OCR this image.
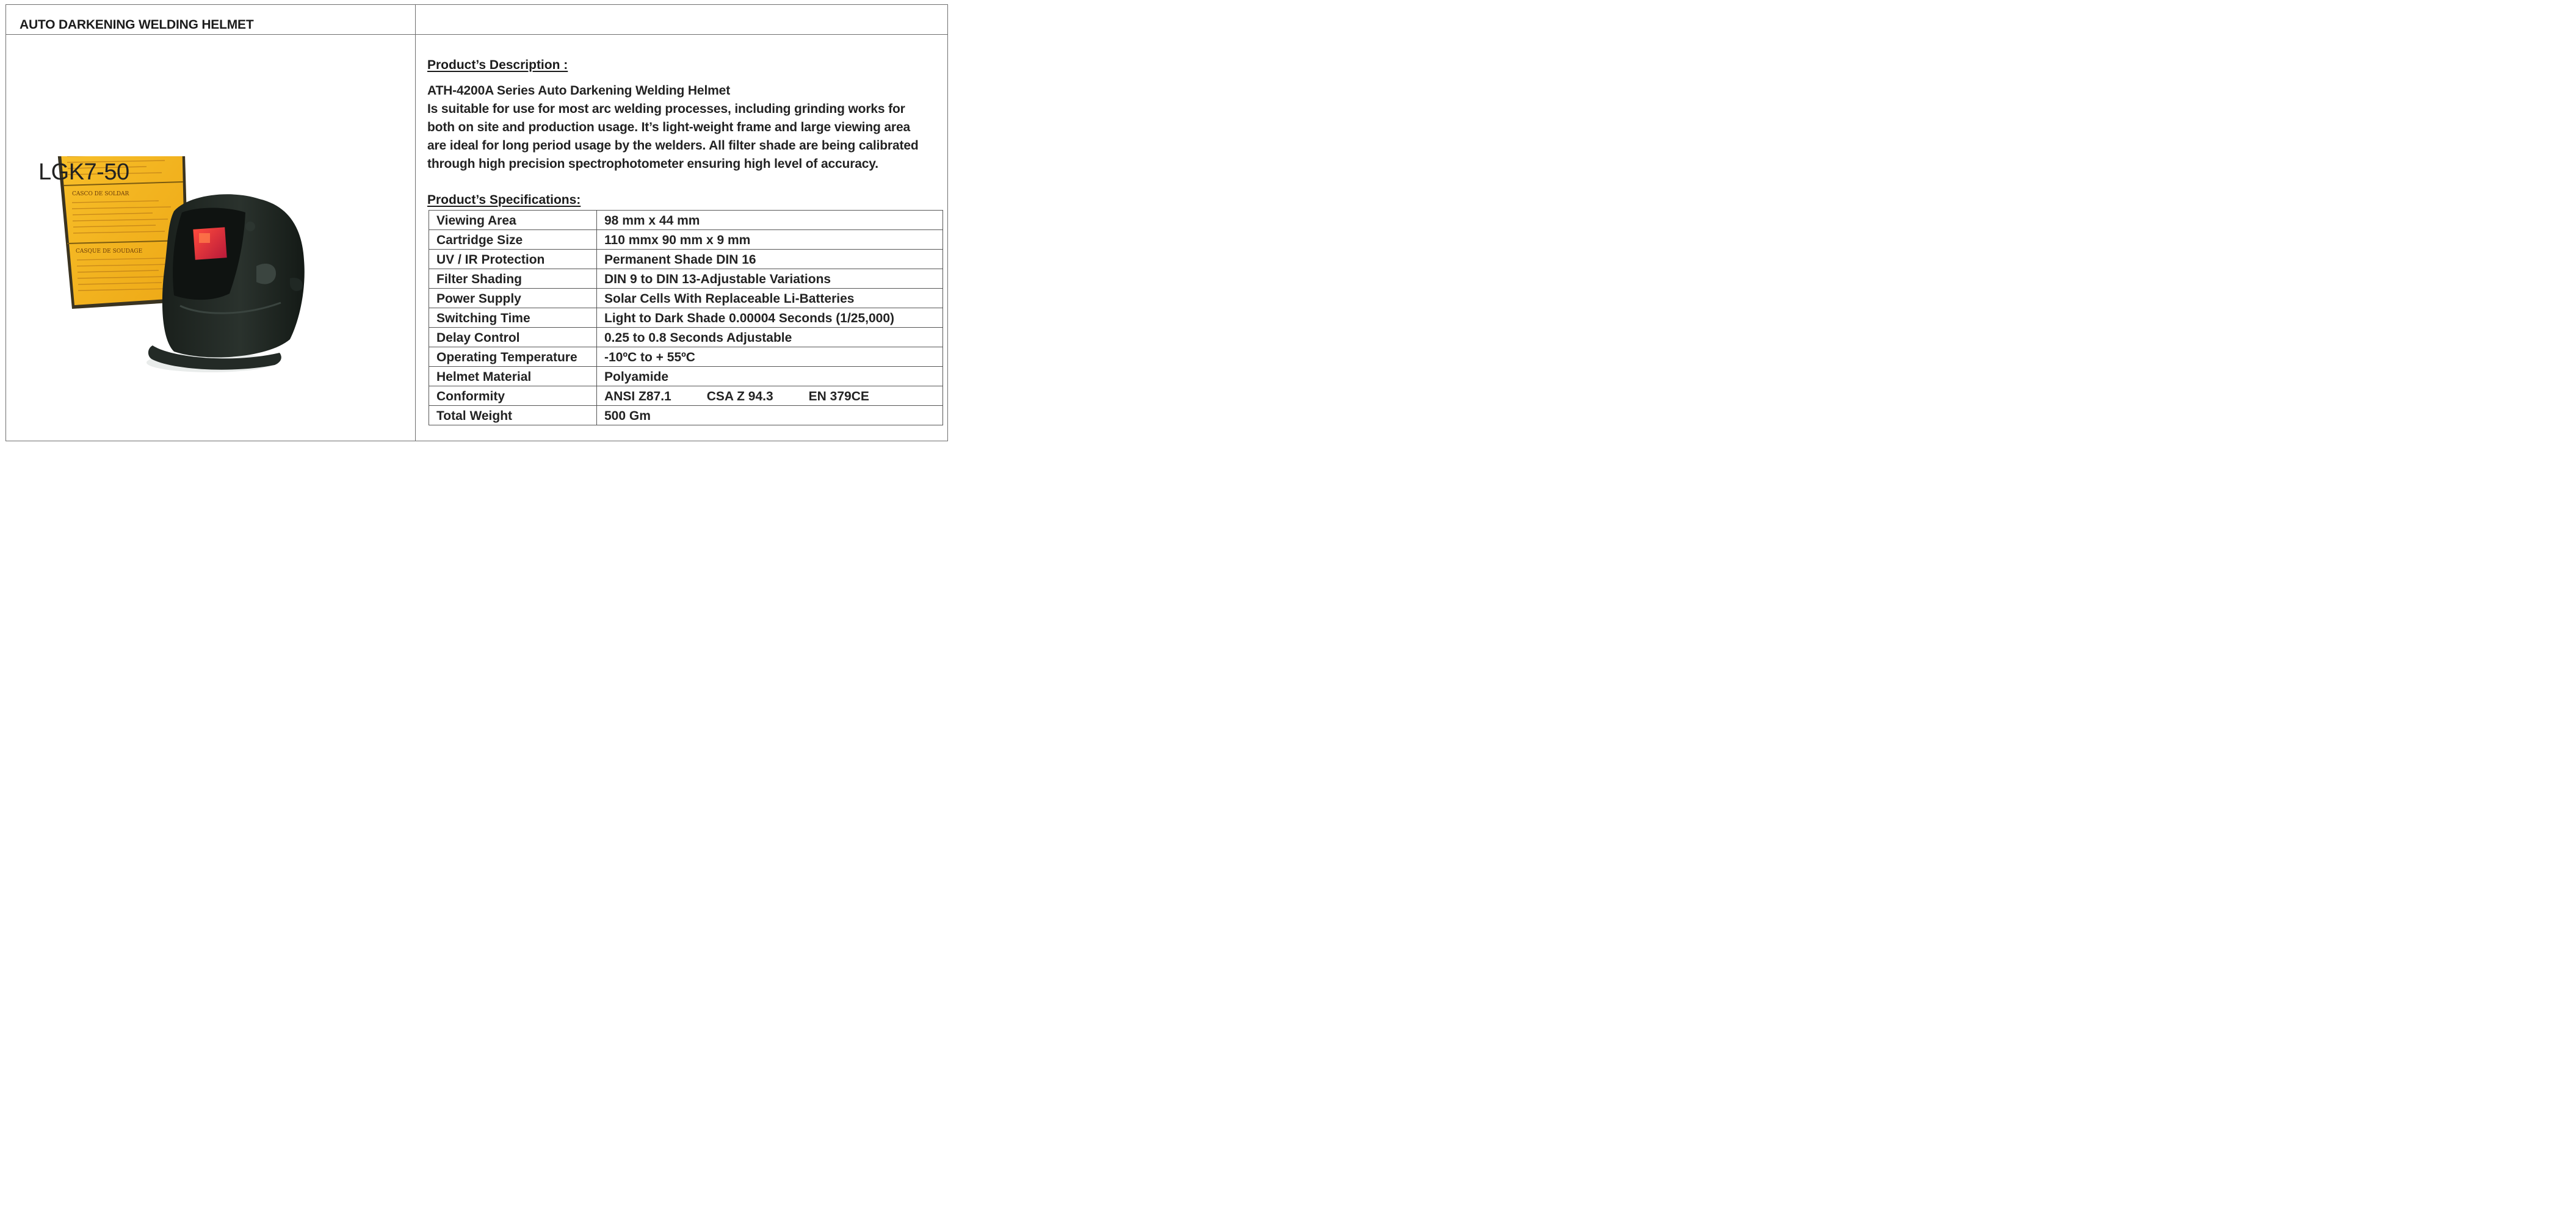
AUTO DARKENING WELDING HELMET
LGK7-50
CASCO DE SOLDAR
CASQUE DE SOUDAGE
Product’s Description :
ATH-4200A Series Auto Darkening Welding Helmet
Is suitable for use for most arc welding processes, including grinding works for
both on site and production usage. It’s light-weight frame and large viewing area
are ideal for long period usage by the welders. All filter shade are being calibrated
through high precision spectrophotometer ensuring high level of accuracy.
Product’s Specifications:
Viewing Area	98 mm x 44 mm
Cartridge Size	110 mmx 90 mm x 9 mm
UV / IR Protection	Permanent Shade DIN 16
Filter Shading	DIN 9 to DIN 13-Adjustable Variations
Power Supply	Solar Cells With Replaceable Li-Batteries
Switching Time	Light to Dark Shade 0.00004 Seconds (1/25,000)
Delay Control	0.25 to 0.8 Seconds Adjustable
Operating Temperature	-10ºC to + 55ºC
Helmet Material	Polyamide
Conformity	ANSI Z87.1 CSA Z 94.3 EN 379CE
Total Weight	500 Gm
